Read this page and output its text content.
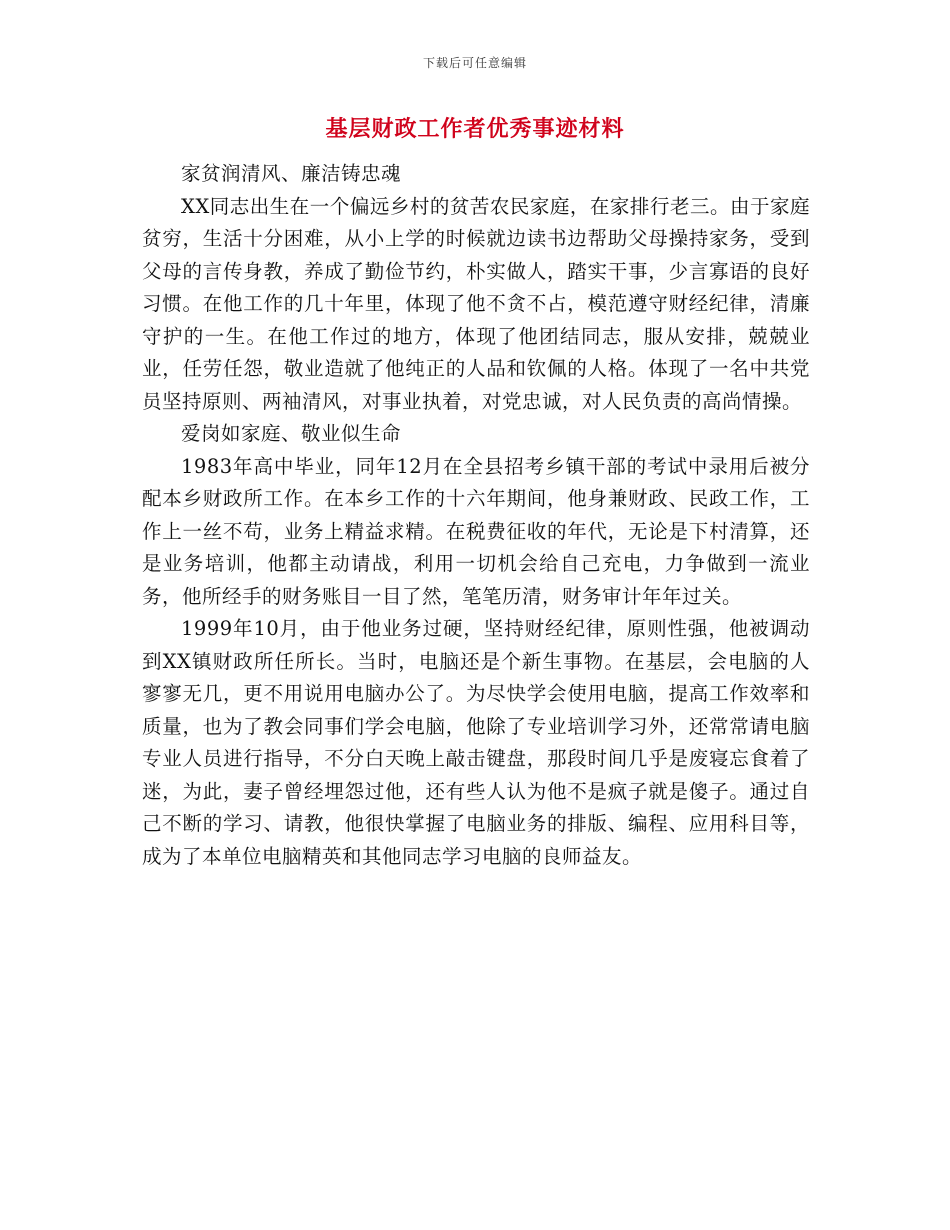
下载后可任意编辑
基层财政工作者优秀事迹材料

家贫润清风、廉洁铸忠魂

XX同志出生在一个偏远乡村的贫苦农民家庭，在家排行老三。由于家庭贫穷，生活十分困难，从小上学的时候就边读书边帮助父母操持家务，受到父母的言传身教，养成了勤俭节约，朴实做人，踏实干事，少言寡语的良好习惯。在他工作的几十年里，体现了他不贪不占，模范遵守财经纪律，清廉守护的一生。在他工作过的地方，体现了他团结同志，服从安排，兢兢业业，任劳任怨，敬业造就了他纯正的人品和钦佩的人格。体现了一名中共党员坚持原则、两袖清风，对事业执着，对党忠诚，对人民负责的高尚情操。

爱岗如家庭、敬业似生命

1983年高中毕业，同年12月在全县招考乡镇干部的考试中录用后被分配本乡财政所工作。在本乡工作的十六年期间，他身兼财政、民政工作，工作上一丝不苟，业务上精益求精。在税费征收的年代，无论是下村清算，还是业务培训，他都主动请战，利用一切机会给自己充电，力争做到一流业务，他所经手的财务账目一目了然，笔笔历清，财务审计年年过关。

1999年10月，由于他业务过硬，坚持财经纪律，原则性强，他被调动到XX镇财政所任所长。当时，电脑还是个新生事物。在基层，会电脑的人寥寥无几，更不用说用电脑办公了。为尽快学会使用电脑，提高工作效率和质量，也为了教会同事们学会电脑，他除了专业培训学习外，还常常请电脑专业人员进行指导，不分白天晚上敲击键盘，那段时间几乎是废寝忘食着了迷，为此，妻子曾经埋怨过他，还有些人认为他不是疯子就是傻子。通过自己不断的学习、请教，他很快掌握了电脑业务的排版、编程、应用科目等，成为了本单位电脑精英和其他同志学习电脑的良师益友。
